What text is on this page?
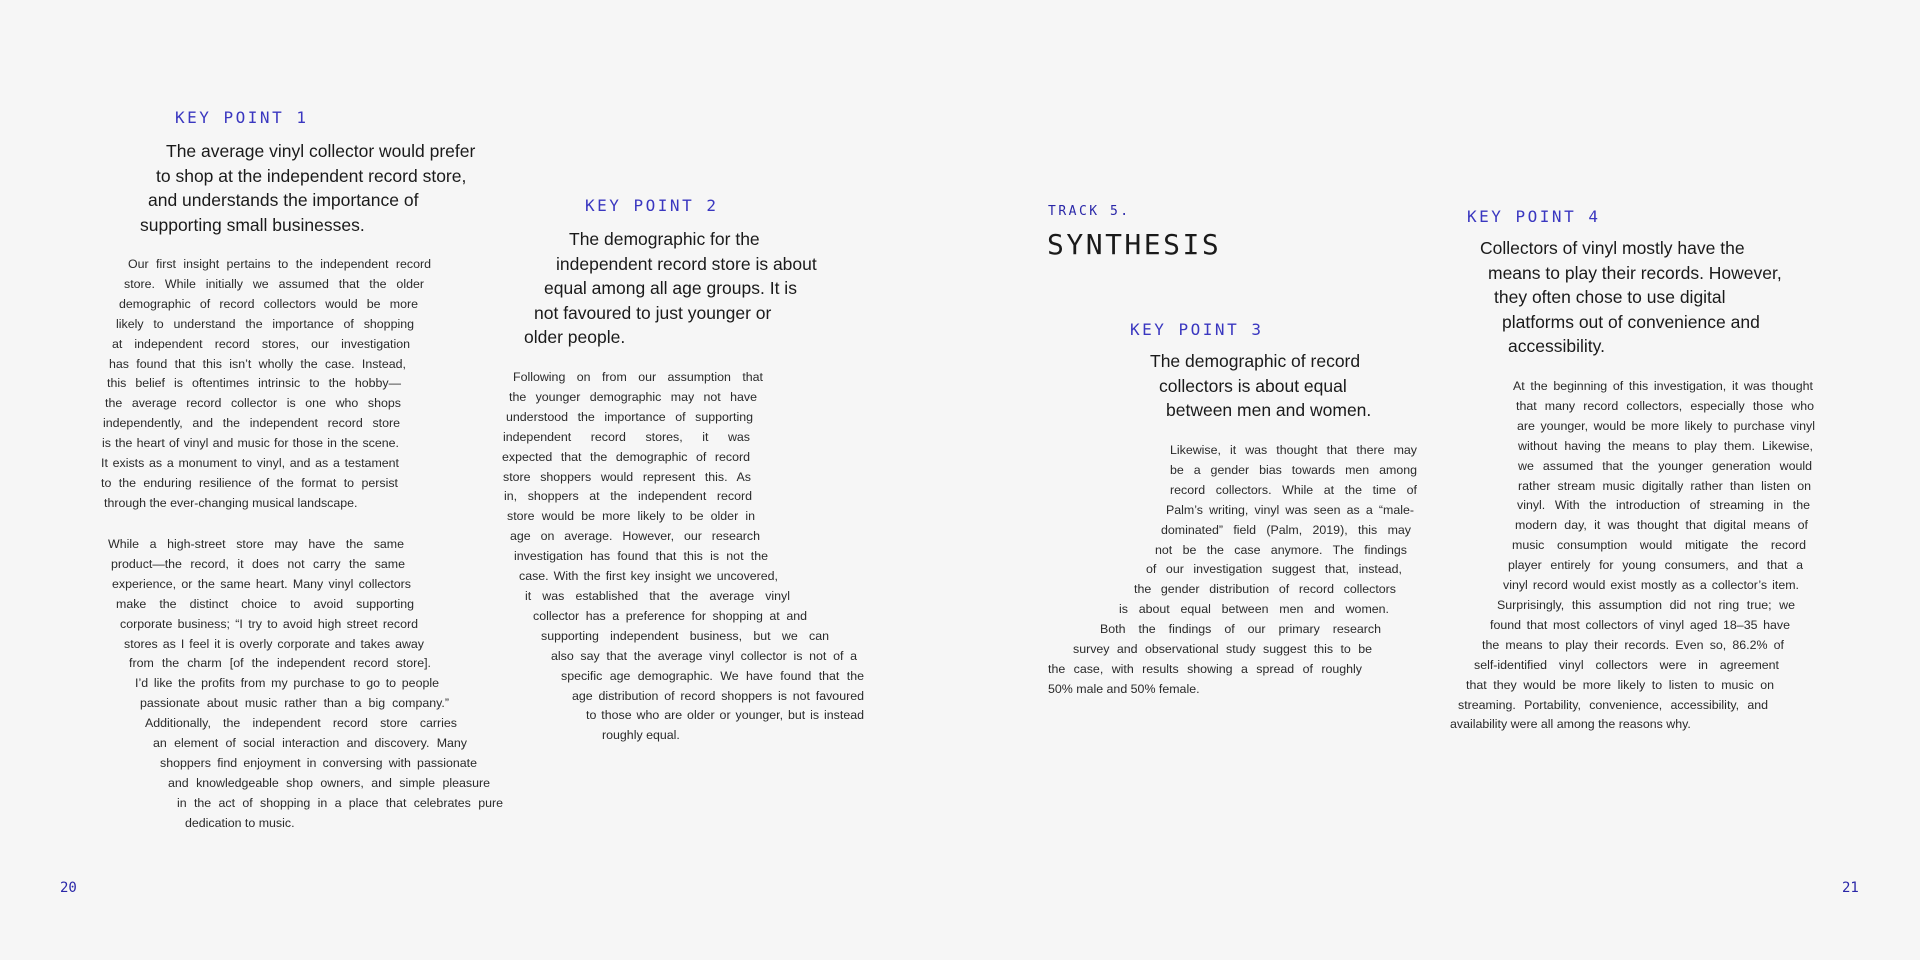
KEY POINT 1
The average vinyl collector would prefer
to shop at the independent record store,
and understands the importance of
supporting small businesses.
Our first insight pertains to the independent record
store. While initially we assumed that the older
demographic of record collectors would be more
likely to understand the importance of shopping
at independent record stores, our investigation
has found that this isn’t wholly the case. Instead,
this belief is oftentimes intrinsic to the hobby—
the average record collector is one who shops
independently, and the independent record store
is the heart of vinyl and music for those in the scene.
It exists as a monument to vinyl, and as a testament
to the enduring resilience of the format to persist
through the ever-changing musical landscape.
While a high-street store may have the same
product—the record, it does not carry the same
experience, or the same heart. Many vinyl collectors
make the distinct choice to avoid supporting
corporate business; “I try to avoid high street record
stores as I feel it is overly corporate and takes away
from the charm [of the independent record store].
I’d like the profits from my purchase to go to people
passionate about music rather than a big company.”
Additionally, the independent record store carries
an element of social interaction and discovery. Many
shoppers find enjoyment in conversing with passionate
and knowledgeable shop owners, and simple pleasure
in the act of shopping in a place that celebrates pure
dedication to music.
KEY POINT 2
The demographic for the
independent record store is about
equal among all age groups. It is
not favoured to just younger or
older people.
Following on from our assumption that
the younger demographic may not have
understood the importance of supporting
independent record stores, it was
expected that the demographic of record
store shoppers would represent this. As
in, shoppers at the independent record
store would be more likely to be older in
age on average. However, our research
investigation has found that this is not the
case. With the first key insight we uncovered,
it was established that the average vinyl
collector has a preference for shopping at and
supporting independent business, but we can
also say that the average vinyl collector is not of a
specific age demographic. We have found that the
age distribution of record shoppers is not favoured
to those who are older or younger, but is instead
roughly equal.
20
TRACK 5.
SYNTHESIS
KEY POINT 3
The demographic of record
collectors is about equal
between men and women.
Likewise, it was thought that there may
be a gender bias towards men among
record collectors. While at the time of
Palm’s writing, vinyl was seen as a “male-
dominated” field (Palm, 2019), this may
not be the case anymore. The findings
of our investigation suggest that, instead,
the gender distribution of record collectors
is about equal between men and women.
Both the findings of our primary research
survey and observational study suggest this to be
the case, with results showing a spread of roughly
50% male and 50% female.
KEY POINT 4
Collectors of vinyl mostly have the
means to play their records. However,
they often chose to use digital
platforms out of convenience and
accessibility.
At the beginning of this investigation, it was thought
that many record collectors, especially those who
are younger, would be more likely to purchase vinyl
without having the means to play them. Likewise,
we assumed that the younger generation would
rather stream music digitally rather than listen on
vinyl. With the introduction of streaming in the
modern day, it was thought that digital means of
music consumption would mitigate the record
player entirely for young consumers, and that a
vinyl record would exist mostly as a collector’s item.
Surprisingly, this assumption did not ring true; we
found that most collectors of vinyl aged 18–35 have
the means to play their records. Even so, 86.2% of
self-identified vinyl collectors were in agreement
that they would be more likely to listen to music on
streaming. Portability, convenience, accessibility, and
availability were all among the reasons why.
21
